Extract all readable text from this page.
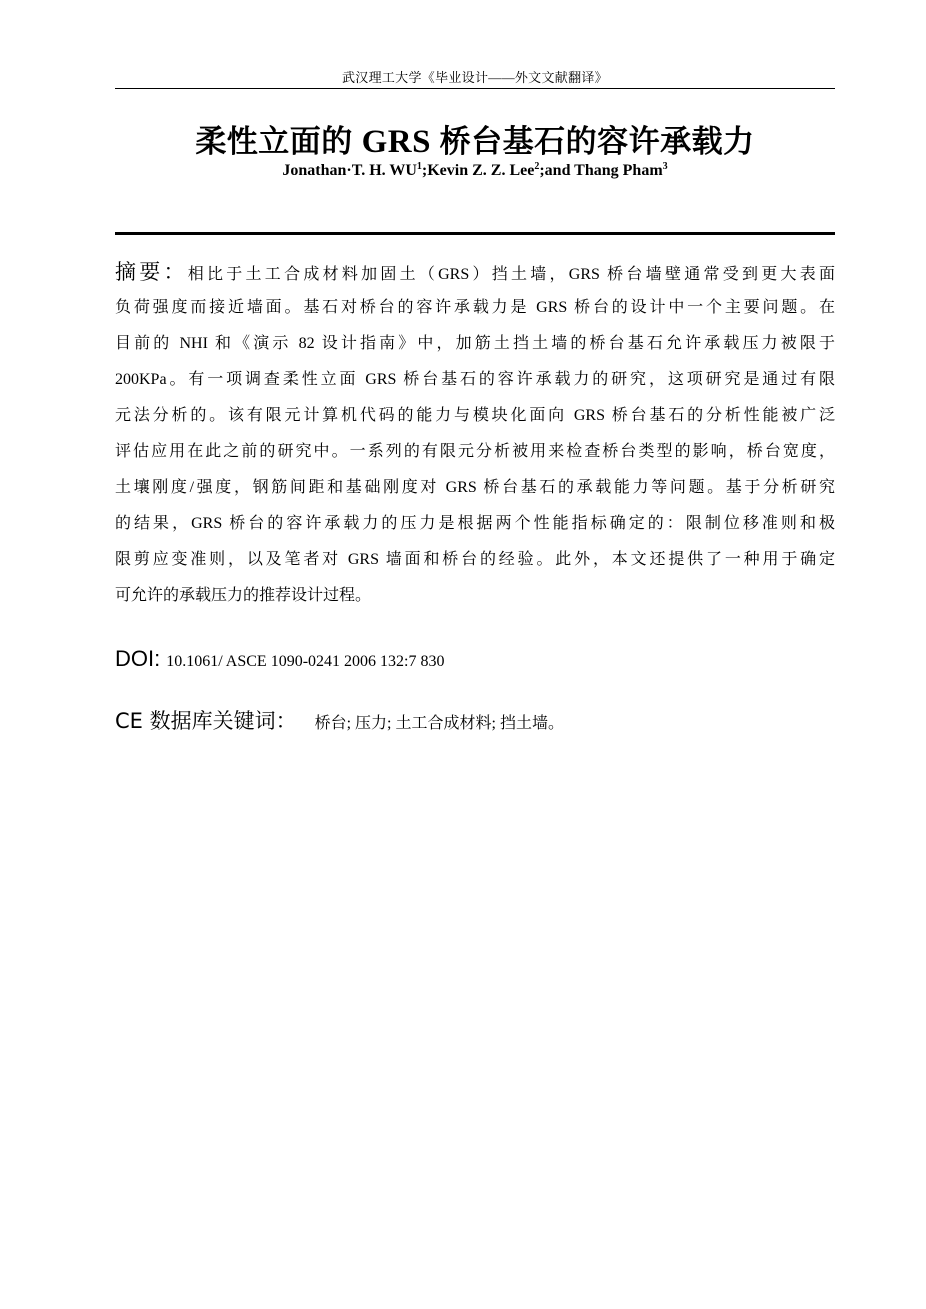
武汉理工大学《毕业设计——外文文献翻译》
柔性立面的 GRS 桥台基石的容许承载力
Jonathan·T. H. $WU^1;Kevin$ Z. Z. Lee$^2$;and Thang Pham$^3$
摘要：相比于土工合成材料加固土（GRS）挡土墙，GRS 桥台墙壁通常受到更大表面
负荷强度而接近墙面。基石对桥台的容许承载力是 GRS 桥台的设计中一个主要问题。在
目前的 NHI 和《演示 82 设计指南》中，加筋土挡土墙的桥台基石允许承载压力被限于
200KPa。有一项调查柔性立面 GRS 桥台基石的容许承载力的研究，这项研究是通过有限
元法分析的。该有限元计算机代码的能力与模块化面向 GRS 桥台基石的分析性能被广泛
评估应用在此之前的研究中。一系列的有限元分析被用来检查桥台类型的影响，桥台宽度，
土壤刚度/强度，钢筋间距和基础刚度对 GRS 桥台基石的承载能力等问题。基于分析研究
的结果，GRS 桥台的容许承载力的压力是根据两个性能指标确定的：限制位移准则和极
限剪应变准则，以及笔者对 GRS 墙面和桥台的经验。此外，本文还提供了一种用于确定
可允许的承载压力的推荐设计过程。
DOI: 10.1061/ ASCE 1090-0241 2006 132:7 830
CE 数据库关键词： 桥台; 压力; 土工合成材料; 挡土墙。
